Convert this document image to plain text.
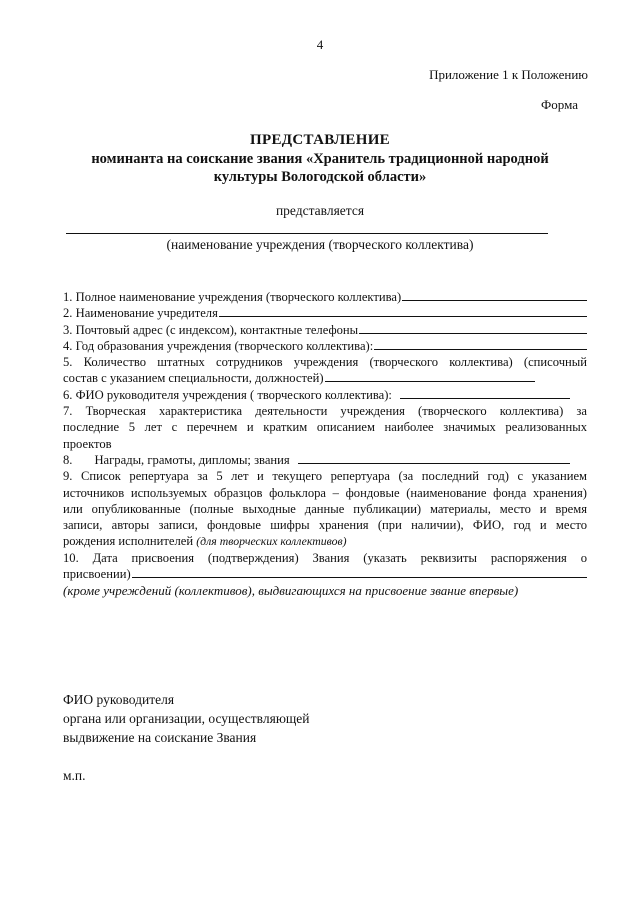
4
Приложение 1 к Положению
Форма
ПРЕДСТАВЛЕНИЕ
номинанта на соискание звания «Хранитель традиционной народной культуры Вологодской области»
представляется
(наименование учреждения (творческого коллектива)
1. Полное наименование учреждения (творческого коллектива)
2. Наименование учредителя
3. Почтовый адрес (с индексом), контактные телефоны
4. Год образования учреждения (творческого коллектива):
5. Количество штатных сотрудников учреждения (творческого коллектива) (списочный
состав с указанием специальности, должностей)
6. ФИО руководителя учреждения ( творческого коллектива):
7. Творческая характеристика деятельности учреждения (творческого коллектива) за
последние 5 лет с перечнем и кратким описанием наиболее значимых реализованных
проектов
8. Награды, грамоты, дипломы; звания
9. Список репертуара за 5 лет и текущего репертуара (за последний год) с указанием
источников используемых образцов фольклора – фондовые (наименование фонда хранения)
или опубликованные (полные выходные данные публикации) материалы, место и время
записи, авторы записи, фондовые шифры хранения (при наличии), ФИО, год и место
рождения исполнителей (для творческих коллективов)
10. Дата присвоения (подтверждения) Звания (указать реквизиты распоряжения о
присвоении)
(кроме учреждений (коллективов), выдвигающихся на присвоение звание впервые)
ФИО руководителя
органа или организации, осуществляющей
выдвижение на соискание Звания
м.п.
